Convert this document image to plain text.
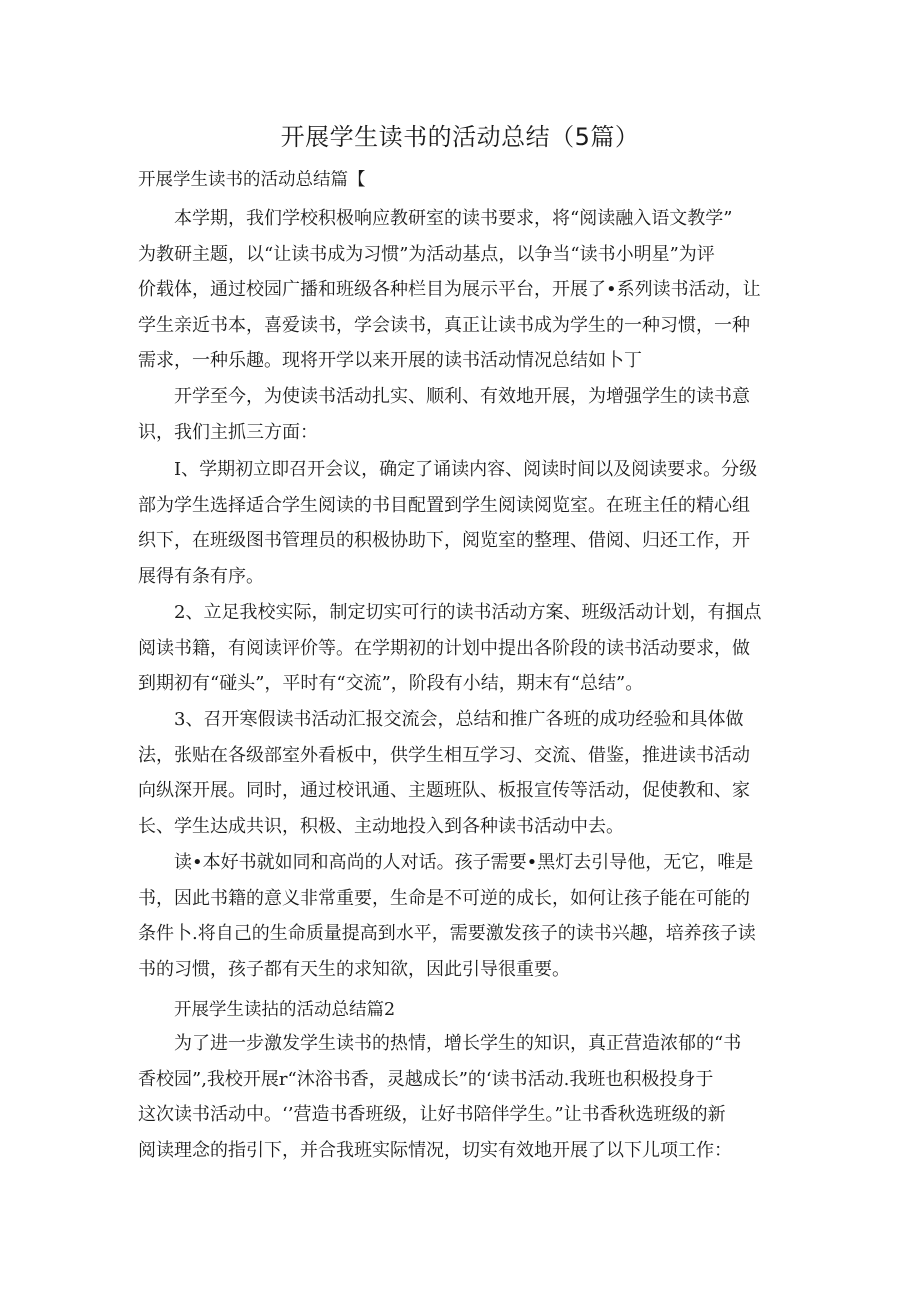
开展学生读书的活动总结（5篇）

开展学生读书的活动总结篇【

本学期，我们学校积极响应教研室的读书要求，将“阅读融入语文教学”
为教研主题，以“让读书成为习惯”为活动基点，以争当“读书小明星”为评
价载体，通过校园广播和班级各种栏目为展示平台，开展了•系列读书活动，让
学生亲近书本，喜爱读书，学会读书，真正让读书成为学生的一种习惯，一种
需求，一种乐趣。现将开学以来开展的读书活动情况总结如卜丁

开学至今，为使读书活动扎实、顺利、有效地开展，为增强学生的读书意
识，我们主抓三方面：

I、学期初立即召开会议，确定了诵读内容、阅读时间以及阅读要求。分级
部为学生选择适合学生阅读的书目配置到学生阅读阅览室。在班主任的精心组
织下，在班级图书管理员的积极协助下，阅览室的整理、借阅、归还工作，开
展得有条有序。

2、立足我校实际，制定切实可行的读书活动方案、班级活动计划，有掴点
阅读书籍，有阅读评价等。在学期初的计划中提出各阶段的读书活动要求，做
到期初有“碰头”，平时有“交流”，阶段有小结，期末有“总结”。

3、召开寒假读书活动汇报交流会，总结和推广各班的成功经验和具体做
法，张贴在各级部室外看板中，供学生相互学习、交流、借鉴，推进读书活动
向纵深开展。同时，通过校讯通、主题班队、板报宣传等活动，促使教和、家
长、学生达成共识，积极、主动地投入到各种读书活动中去。

读•本好书就如同和高尚的人对话。孩子需要•黑灯去引导他，无它，唯是
书，因此书籍的意义非常重要，生命是不可逆的成长，如何让孩子能在可能的
条件卜.将自己的生命质量提高到水平，需要激发孩子的读书兴趣，培养孩子读
书的习惯，孩子都有天生的求知欲，因此引导很重要。

开展学生读拈的活动总结篇2

为了进一步激发学生读书的热情，增长学生的知识，真正营造浓郁的“书
香校园”,我校开展r“沐浴书香，灵越成长”的‘读书活动.我班也积极投身于
这次读书活动中。‘’营造书香班级，让好书陪伴学生。”让书香秋选班级的新
阅读理念的指引下，并合我班实际情况，切实有效地开展了以下儿项工作：
